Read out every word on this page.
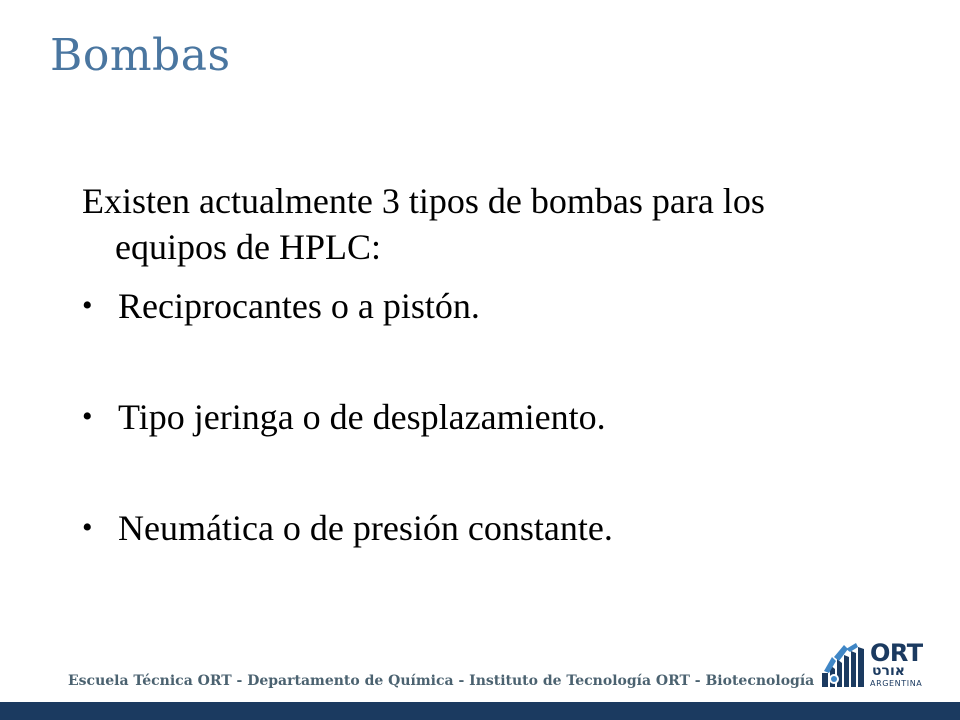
Bombas

Existen actualmente 3 tipos de bombas para los equipos de HPLC:

• Reciprocantes o a pistón.
• Tipo jeringa o de desplazamiento.
• Neumática o de presión constante.
Escuela Técnica ORT - Departamento de Química - Instituto de Tecnología ORT - Biotecnología
ORT
אורט
ARGENTINA
